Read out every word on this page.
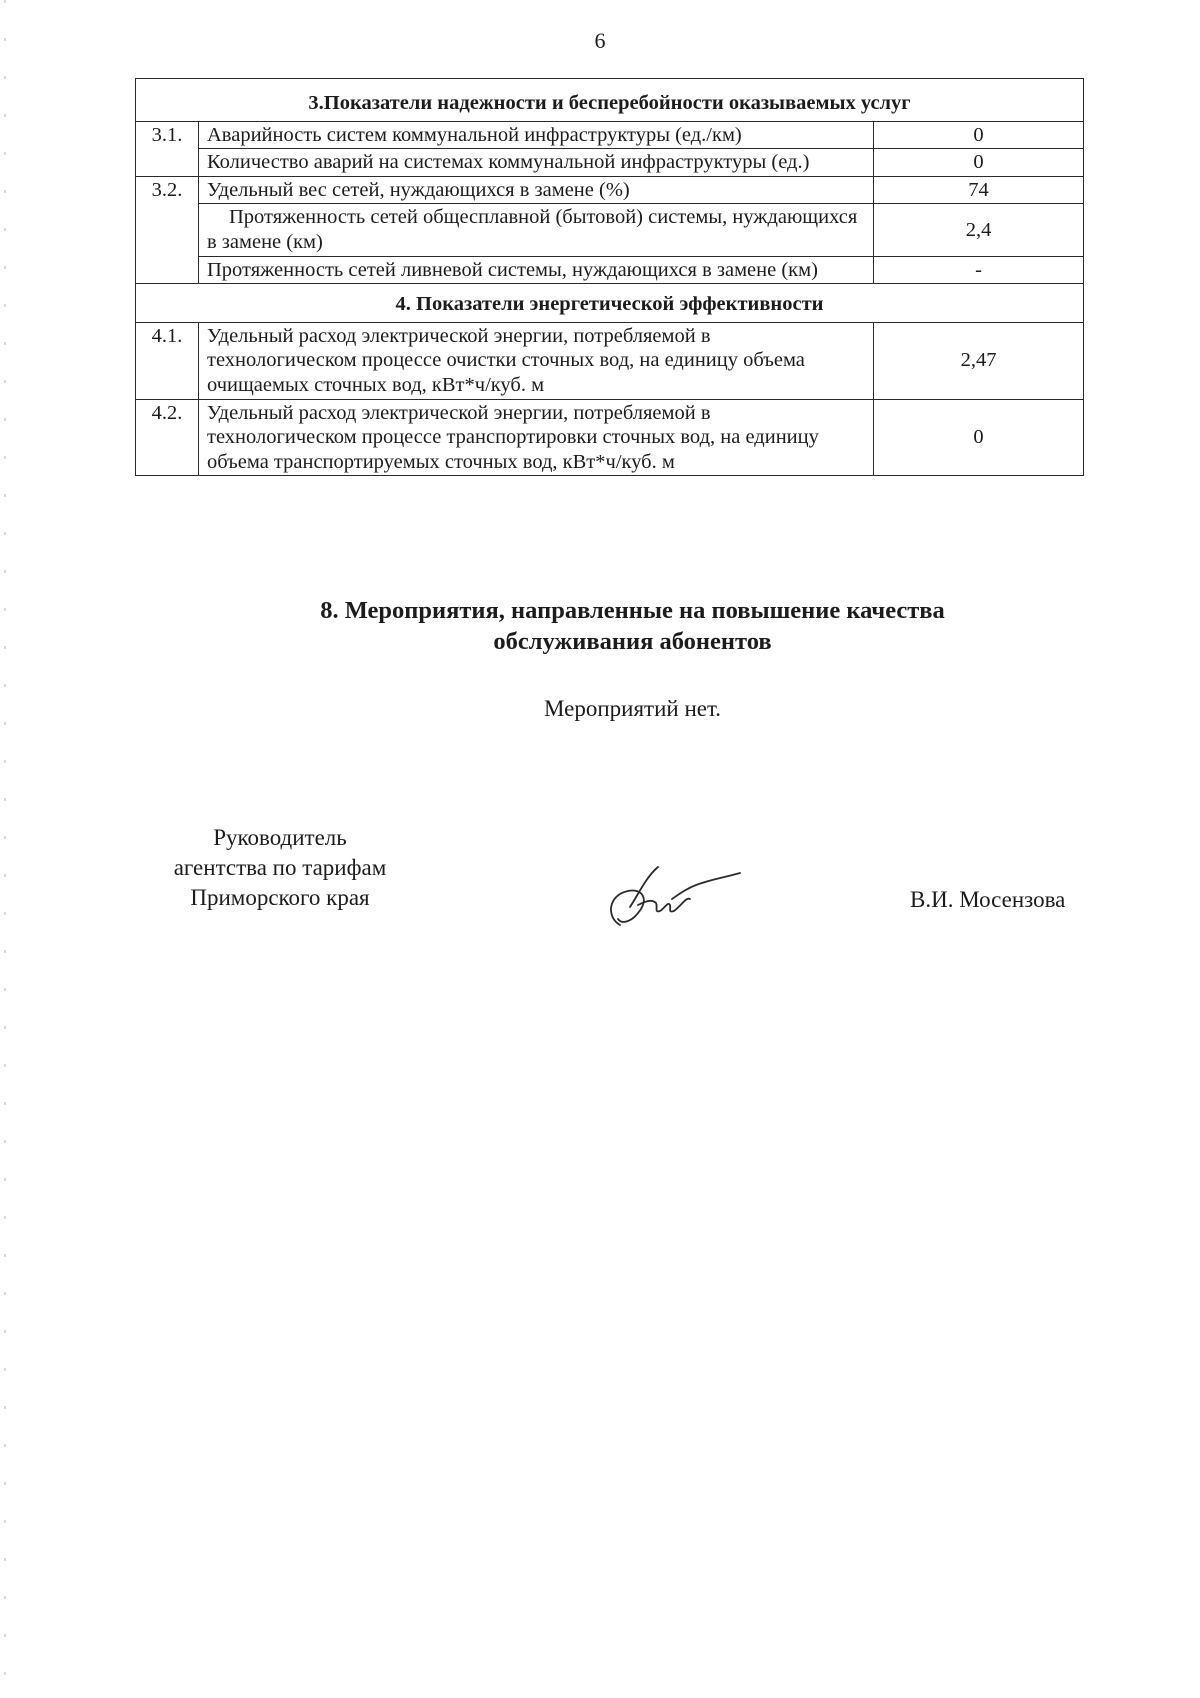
6
3.Показатели надежности и бесперебойности оказываемых услуг		
3.1.	Аварийность систем коммунальной инфраструктуры (ед./км)	0
	Количество аварий на системах коммунальной инфраструктуры (ед.)	0
3.2.	Удельный вес сетей, нуждающихся в замене (%)	74
	Протяженность сетей общесплавной (бытовой) системы, нуждающихся в замене (км)	2,4
	Протяженность сетей ливневой системы, нуждающихся в замене (км)	-
4. Показатели энергетической эффективности		
4.1.	Удельный расход электрической энергии, потребляемой в технологическом процессе очистки сточных вод, на единицу объема очищаемых сточных вод, кВт*ч/куб. м	2,47
4.2.	Удельный расход электрической энергии, потребляемой в технологическом процессе транспортировки сточных вод, на единицу объема транспортируемых сточных вод, кВт*ч/куб. м	0
8. Мероприятия, направленные на повышение качества
обслуживания абонентов
Мероприятий нет.
Руководитель
агентства по тарифам
Приморского края	В.И. Мосензова
